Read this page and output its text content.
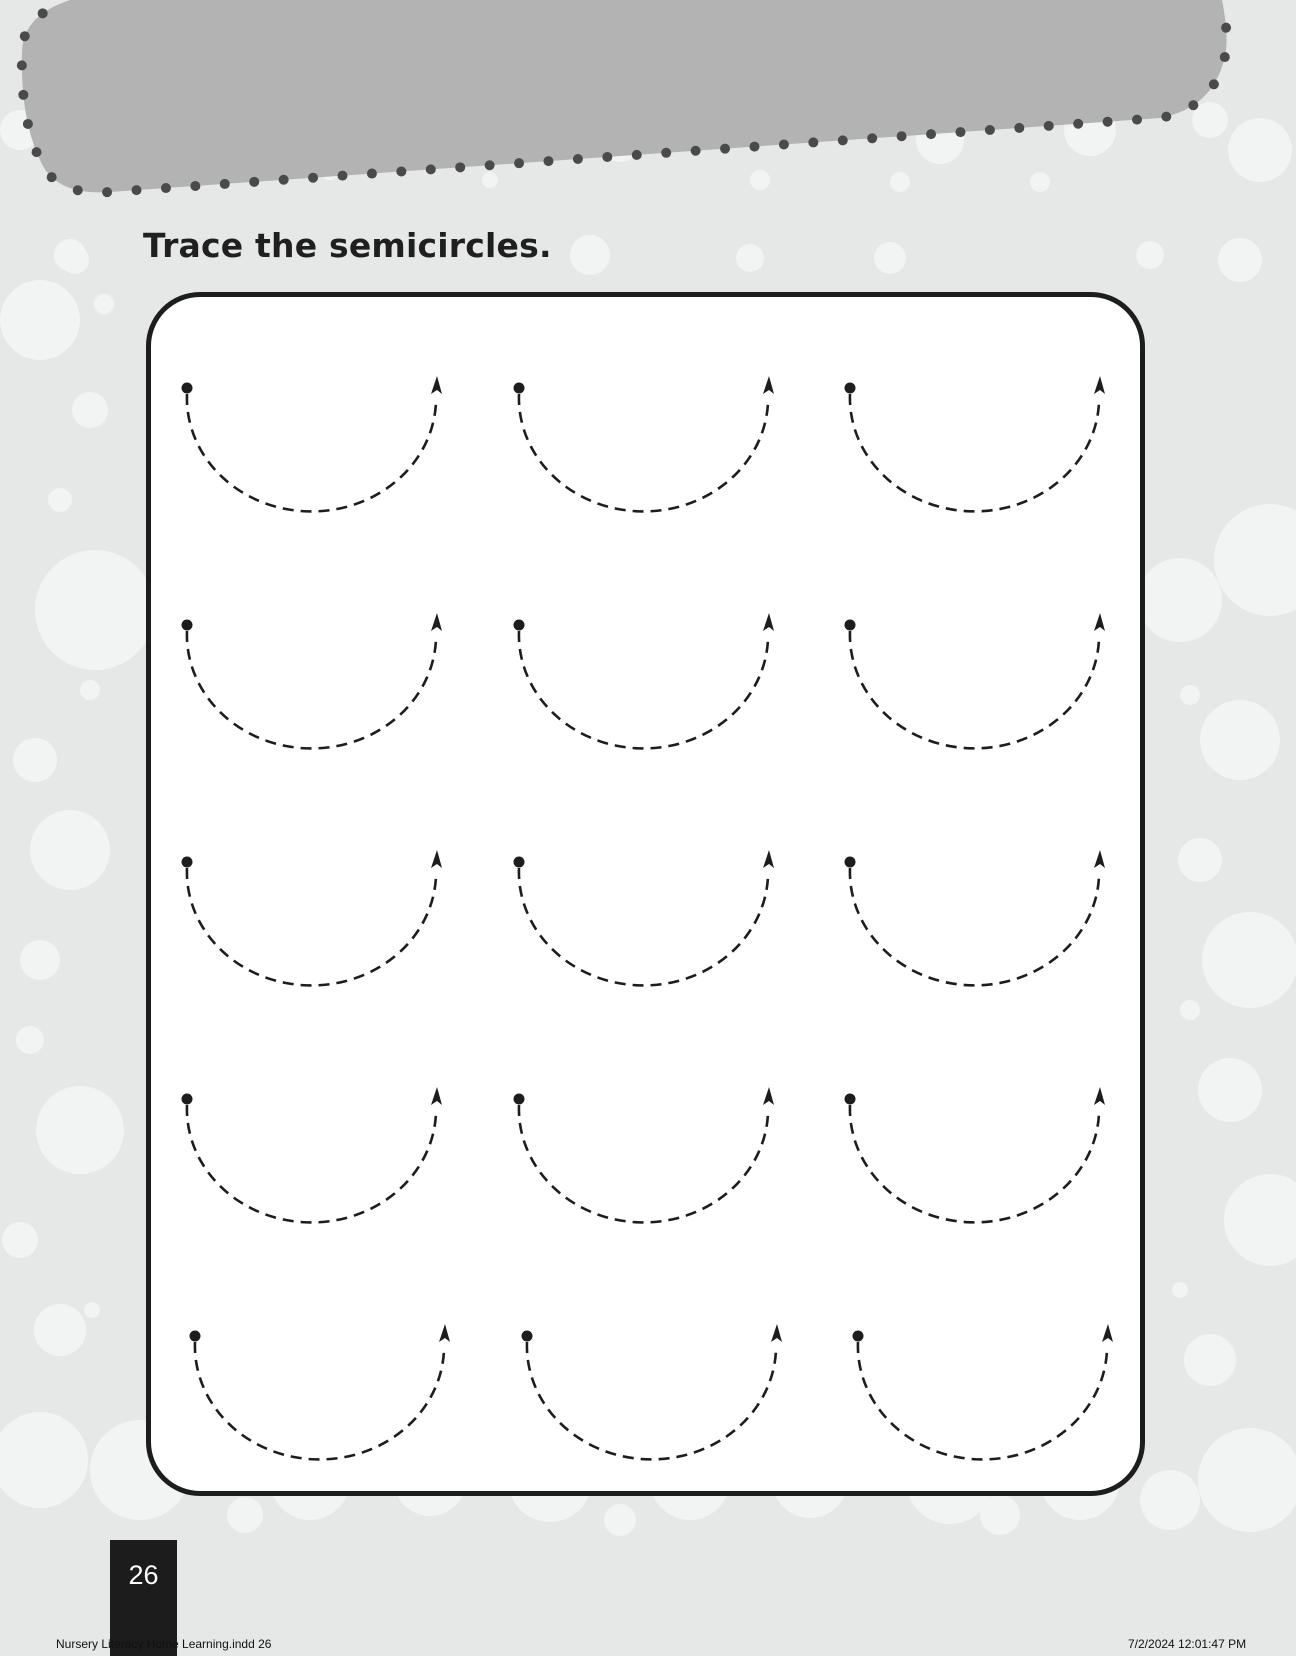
Trace the semicircles.
26
Nursery Literacy Home Learning.indd 26	7/2/2024 12:01:47 PM
